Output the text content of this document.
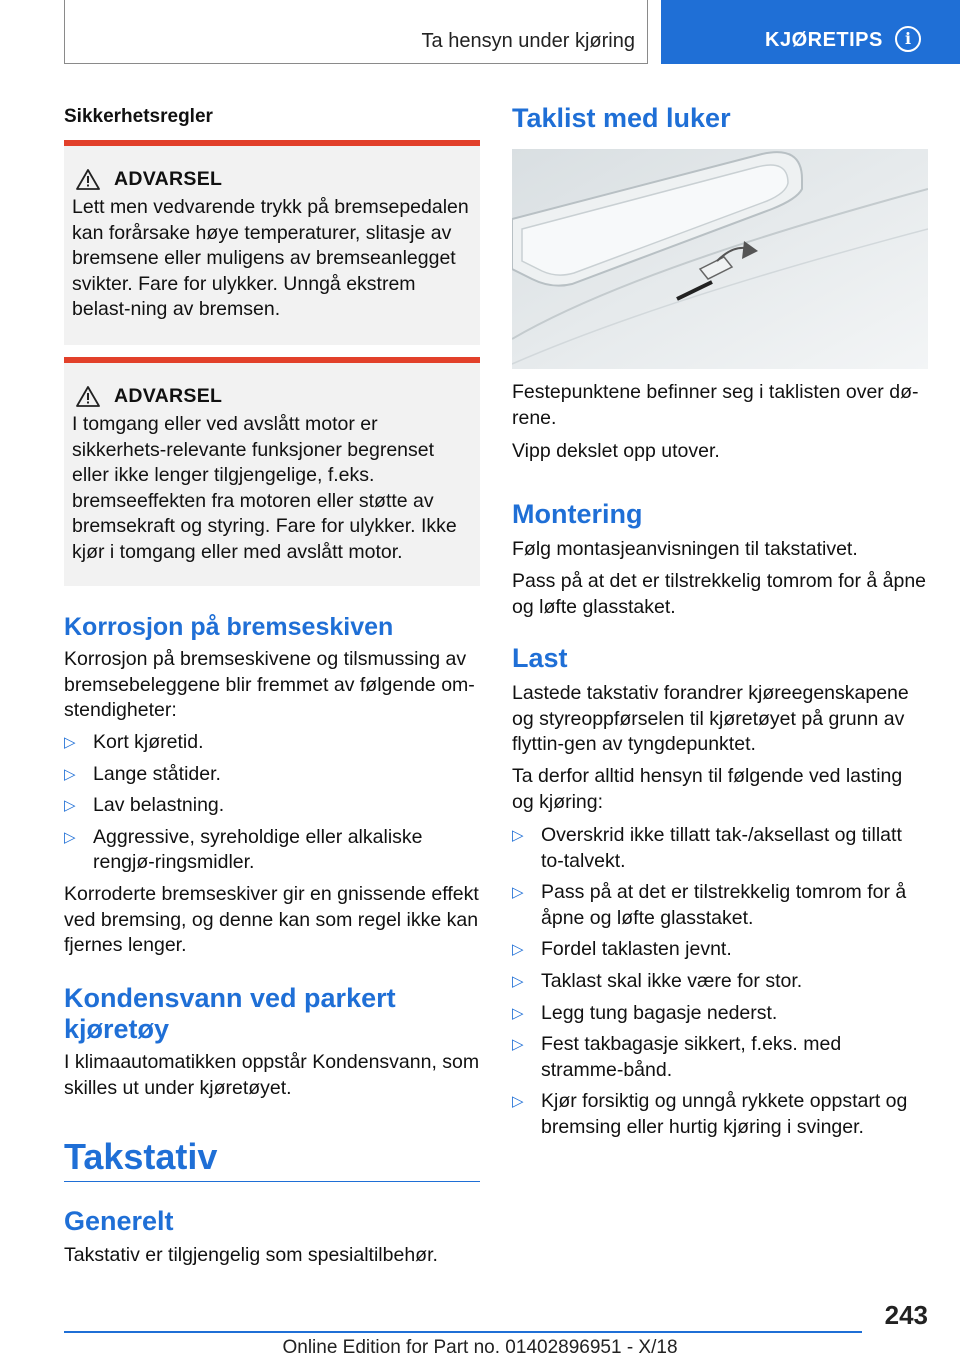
Ta hensyn under kjøring	KJØRETIPS	i
Sikkerhetsregler
ADVARSEL

Lett men vedvarende trykk på bremsepedalen kan forårsake høye temperaturer, slitasje av bremsene eller muligens av bremseanlegget svikter. Fare for ulykker. Unngå ekstrem belast-ning av bremsen.

ADVARSEL

I tomgang eller ved avslått motor er sikkerhets-relevante funksjoner begrenset eller ikke lenger tilgjengelige, f.eks. bremseeffekten fra motoren eller støtte av bremsekraft og styring. Fare for ulykker. Ikke kjør i tomgang eller med avslått motor.

Korrosjon på bremseskiven

Korrosjon på bremseskivene og tilsmussing av bremsebeleggene blir fremmet av følgende om-stendigheter:

▷ Kort kjøretid.
▷ Lange ståtider.
▷ Lav belastning.
▷ Aggressive, syreholdige eller alkaliske rengjø-ringsmidler.

Korroderte bremseskiver gir en gnissende effekt ved bremsing, og denne kan som regel ikke kan fjernes lenger.

Kondensvann ved parkert kjøretøy

I klimaautomatikken oppstår Kondensvann, som skilles ut under kjøretøyet.

Takstativ
Generelt

Takstativ er tilgjengelig som spesialtilbehør.

Taklist med luker

Festepunktene befinner seg i taklisten over dø-rene.

Vipp dekslet opp utover.

Montering

Følg montasjeanvisningen til takstativet.

Pass på at det er tilstrekkelig tomrom for å åpne og løfte glasstaket.

Last

Lastede takstativ forandrer kjøreegenskapene og styreoppførselen til kjøretøyet på grunn av flyttin-gen av tyngdepunktet.

Ta derfor alltid hensyn til følgende ved lasting og kjøring:

▷ Overskrid ikke tillatt tak-/aksellast og tillatt to-talvekt.
▷ Pass på at det er tilstrekkelig tomrom for å åpne og løfte glasstaket.
▷ Fordel taklasten jevnt.
▷ Taklast skal ikke være for stor.
▷ Legg tung bagasje nederst.
▷ Fest takbagasje sikkert, f.eks. med stramme-bånd.
▷ Kjør forsiktig og unngå rykkete oppstart og bremsing eller hurtig kjøring i svinger.
243
Online Edition for Part no. 01402896951 - X/18
